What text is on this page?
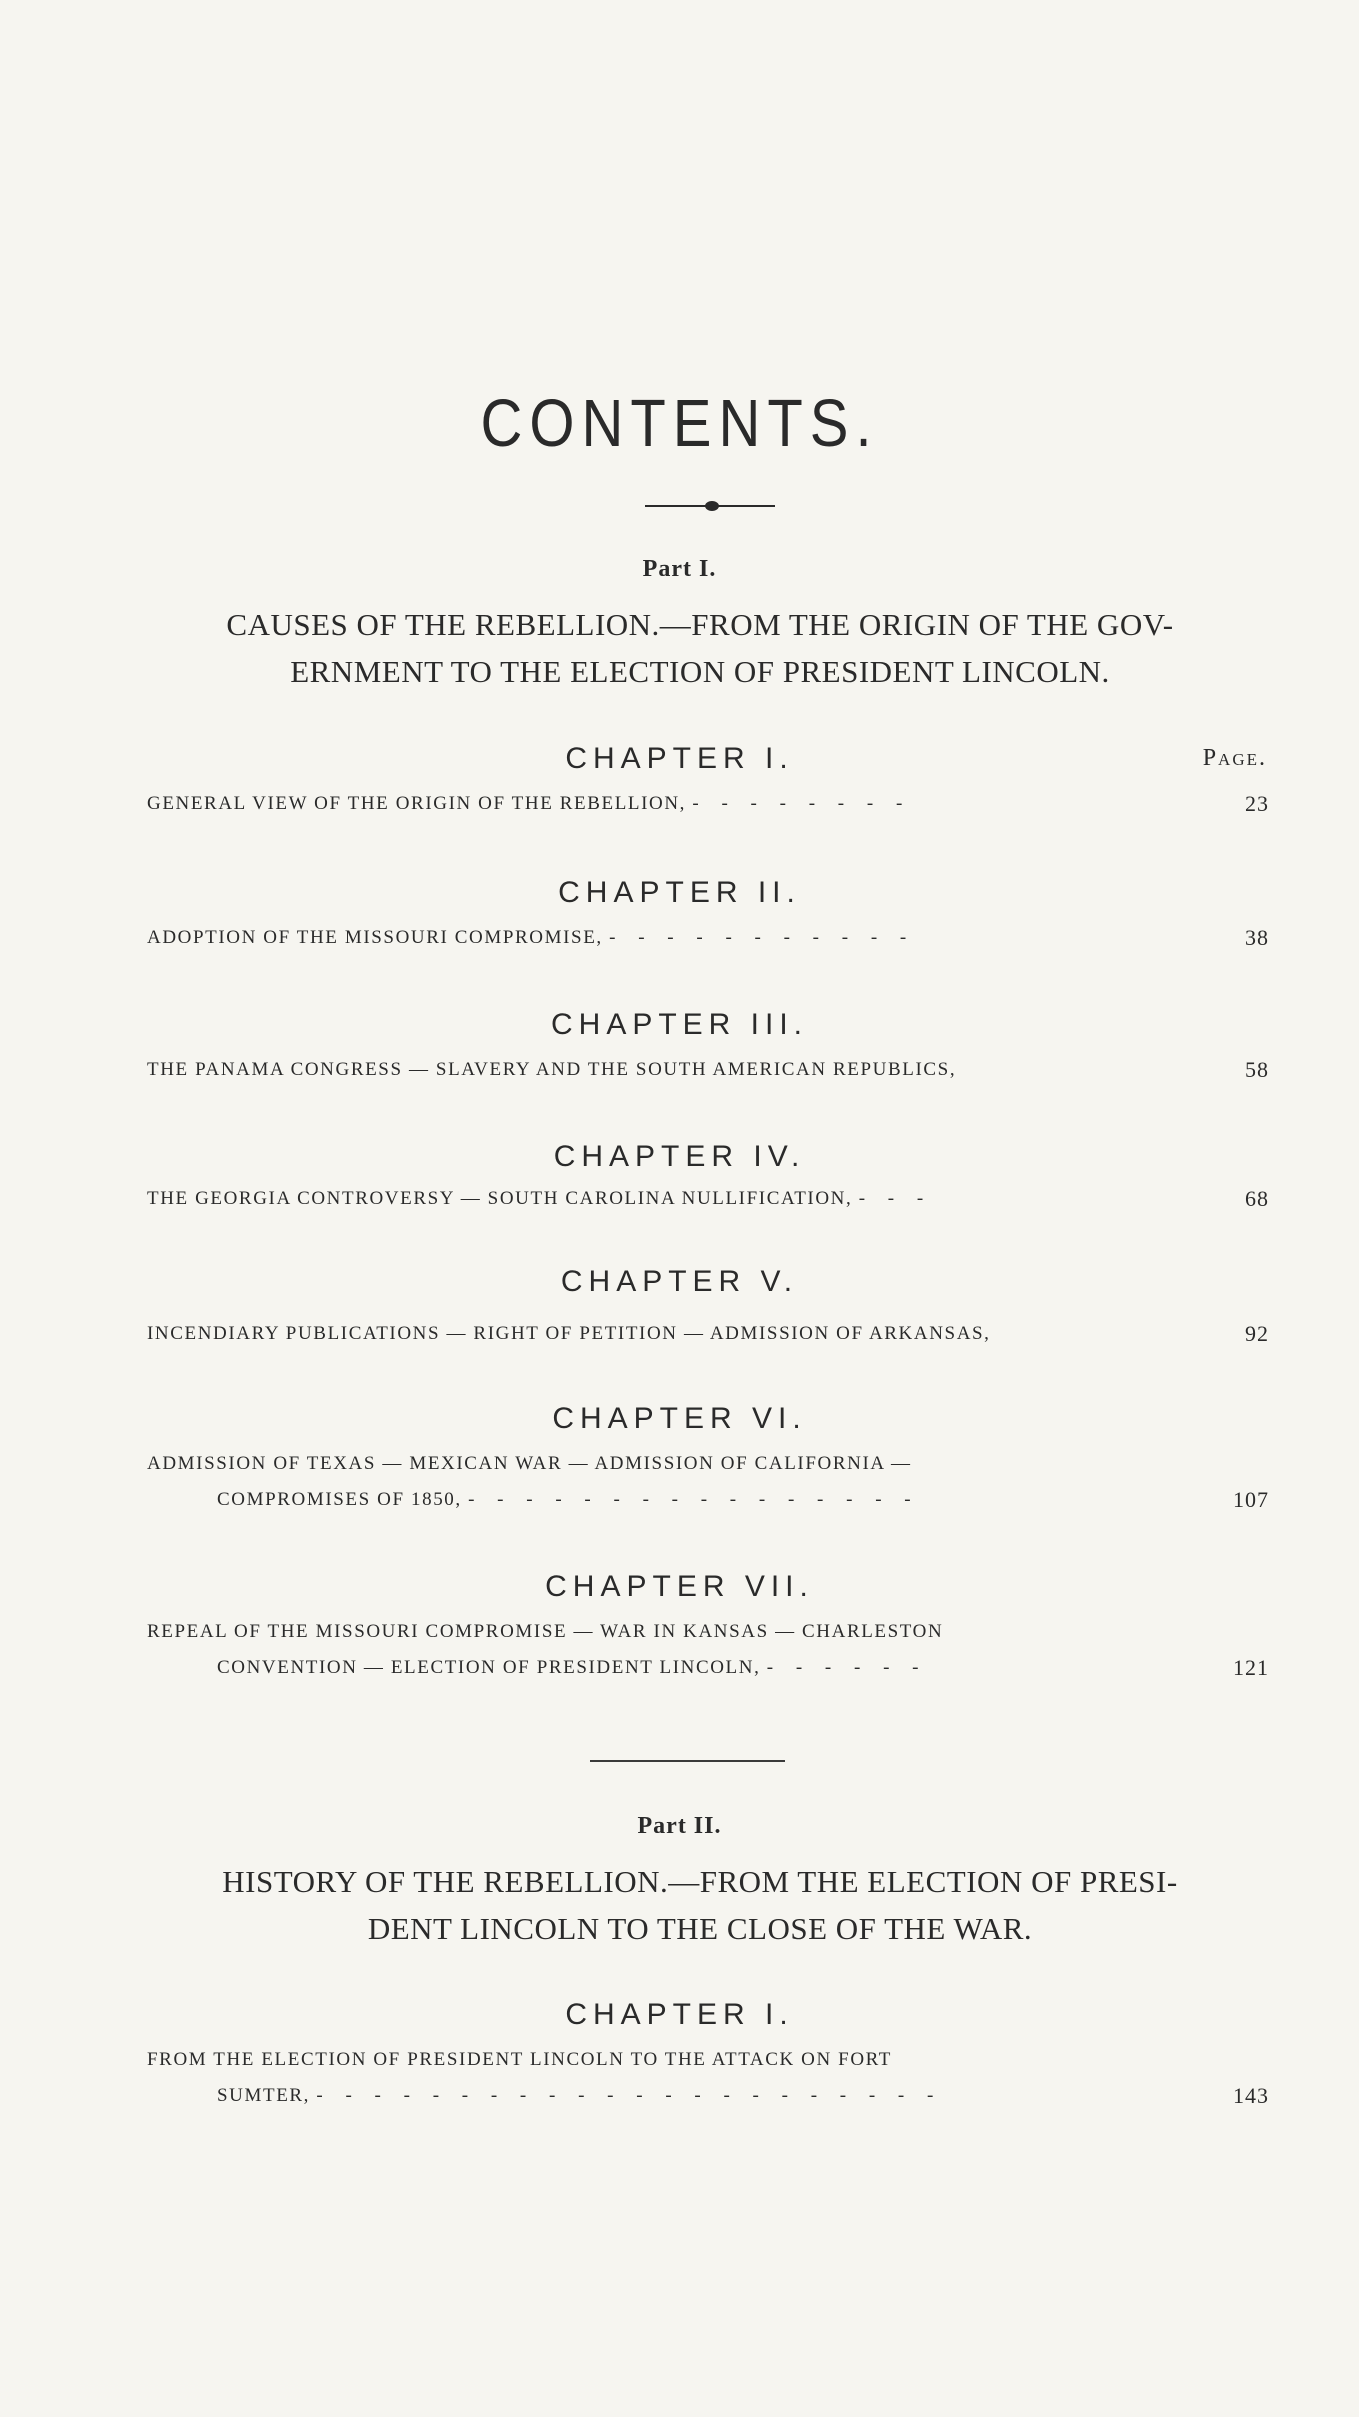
CONTENTS.
Part I.
CAUSES OF THE REBELLION.—FROM THE ORIGIN OF THE GOV-
ERNMENT TO THE ELECTION OF PRESIDENT LINCOLN.
CHAPTER I.	Page.
GENERAL VIEW OF THE ORIGIN OF THE REBELLION, - - - - - - - -	23
CHAPTER II.
ADOPTION OF THE MISSOURI COMPROMISE, - - - - - - - - - - -	38
CHAPTER III.
THE PANAMA CONGRESS — SLAVERY AND THE SOUTH AMERICAN REPUBLICS,	58
CHAPTER IV.
THE GEORGIA CONTROVERSY — SOUTH CAROLINA NULLIFICATION, - - -	68
CHAPTER V.
INCENDIARY PUBLICATIONS — RIGHT OF PETITION — ADMISSION OF ARKANSAS,	92
CHAPTER VI.
ADMISSION OF TEXAS — MEXICAN WAR — ADMISSION OF CALIFORNIA —
COMPROMISES OF 1850, - - - - - - - - - - - - - - - -	107
CHAPTER VII.
REPEAL OF THE MISSOURI COMPROMISE — WAR IN KANSAS — CHARLESTON
CONVENTION — ELECTION OF PRESIDENT LINCOLN, - - - - - -	121
Part II.
HISTORY OF THE REBELLION.—FROM THE ELECTION OF PRESI-
DENT LINCOLN TO THE CLOSE OF THE WAR.
CHAPTER I.
FROM THE ELECTION OF PRESIDENT LINCOLN TO THE ATTACK ON FORT
SUMTER, - - - - - - - - - - - - - - - - - - - - - -	143
